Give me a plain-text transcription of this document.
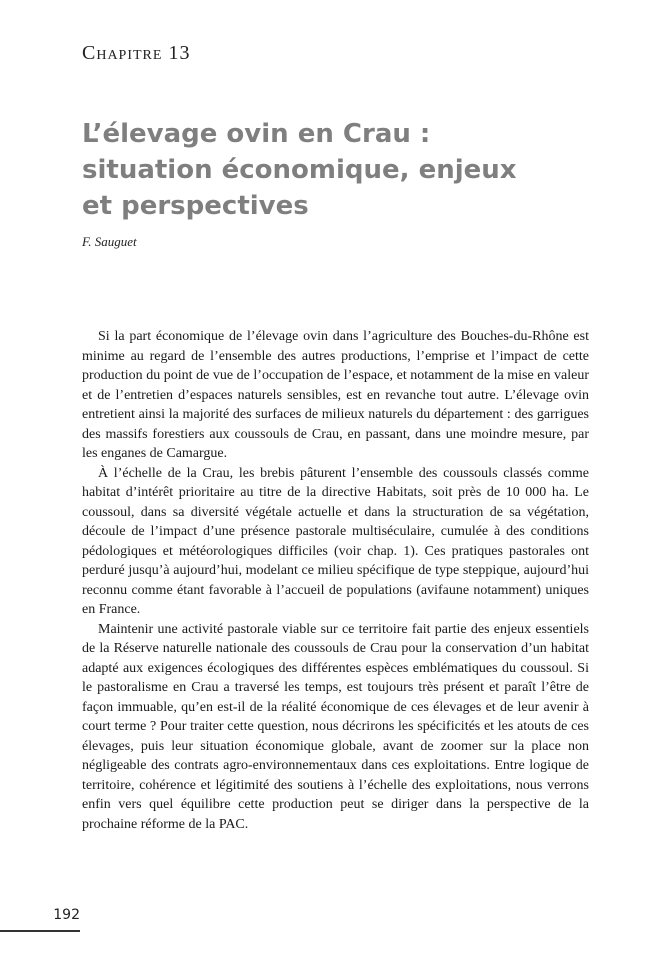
Chapitre 13
L’élevage ovin en Crau :
situation économique, enjeux
et perspectives
F. Sauguet

Si la part économique de l’élevage ovin dans l’agriculture des Bouches-du-Rhône est minime au regard de l’ensemble des autres productions, l’emprise et l’impact de cette production du point de vue de l’occupation de l’espace, et notamment de la mise en valeur et de l’entretien d’espaces naturels sensibles, est en revanche tout autre. L’élevage ovin entretient ainsi la majorité des surfaces de milieux naturels du département : des garrigues des massifs forestiers aux coussouls de Crau, en passant, dans une moindre mesure, par les enganes de Camargue.

À l’échelle de la Crau, les brebis pâturent l’ensemble des coussouls classés comme habitat d’intérêt prioritaire au titre de la directive Habitats, soit près de 10 000 ha. Le coussoul, dans sa diversité végétale actuelle et dans la structuration de sa végétation, découle de l’impact d’une présence pastorale multiséculaire, cumulée à des conditions pédologiques et météorologiques difficiles (voir chap. 1). Ces pratiques pastorales ont perduré jusqu’à aujourd’hui, modelant ce milieu spécifique de type steppique, aujourd’hui reconnu comme étant favorable à l’accueil de populations (avifaune notamment) uniques en France.

Maintenir une activité pastorale viable sur ce territoire fait partie des enjeux essentiels de la Réserve naturelle nationale des coussouls de Crau pour la conservation d’un habitat adapté aux exigences écologiques des différentes espèces emblématiques du coussoul. Si le pastoralisme en Crau a traversé les temps, est toujours très présent et paraît l’être de façon immuable, qu’en est-il de la réalité économique de ces élevages et de leur avenir à court terme ? Pour traiter cette question, nous décrirons les spécificités et les atouts de ces élevages, puis leur situation économique globale, avant de zoomer sur la place non négligeable des contrats agro-environnementaux dans ces exploitations. Entre logique de territoire, cohérence et légitimité des soutiens à l’échelle des exploitations, nous verrons enfin vers quel équilibre cette production peut se diriger dans la perspective de la prochaine réforme de la PAC.

192
